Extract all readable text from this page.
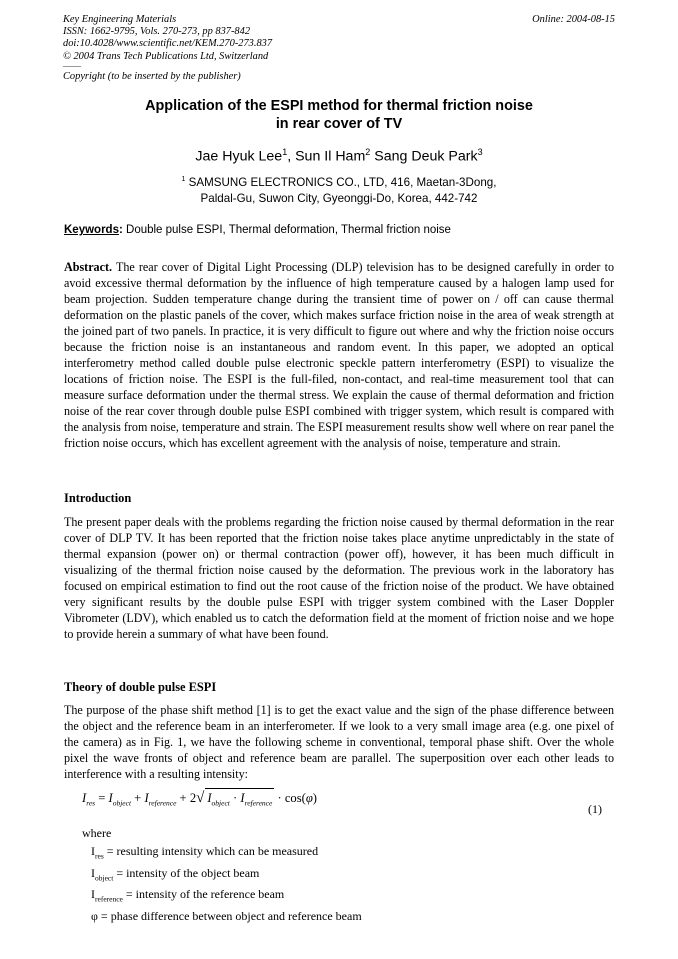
Key Engineering Materials
ISSN: 1662-9795, Vols. 270-273, pp 837-842
doi:10.4028/www.scientific.net/KEM.270-273.837
© 2004 Trans Tech Publications Ltd, Switzerland
Online: 2004-08-15
Copyright (to be inserted by the publisher)
Application of the ESPI method for thermal friction noise
in rear cover of TV
Jae Hyuk Lee$^1$, Sun Il Ham$^2$ Sang Deuk Park$^3$
$^1$ SAMSUNG ELECTRONICS CO., LTD, 416, Maetan-3Dong,
Paldal-Gu, Suwon City, Gyeonggi-Do, Korea, 442-742
Keywords: Double pulse ESPI, Thermal deformation, Thermal friction noise
Abstract. The rear cover of Digital Light Processing (DLP) television has to be designed carefully in order to avoid excessive thermal deformation by the influence of high temperature caused by a halogen lamp used for beam projection. Sudden temperature change during the transient time of power on / off can cause thermal deformation on the plastic panels of the cover, which makes surface friction noise in the area of weak strength at the joined part of two panels. In practice, it is very difficult to figure out where and why the friction noise occurs because the friction noise is an instantaneous and random event. In this paper, we adopted an optical interferometry method called double pulse electronic speckle pattern interferometry (ESPI) to visualize the locations of friction noise. The ESPI is the full-filed, non-contact, and real-time measurement tool that can measure surface deformation under the thermal stress. We explain the cause of thermal deformation and friction noise of the rear cover through double pulse ESPI combined with trigger system, which result is compared with the analysis from noise, temperature and strain. The ESPI measurement results show well where on rear panel the friction noise occurs, which has excellent agreement with the analysis of noise, temperature and strain.
Introduction
The present paper deals with the problems regarding the friction noise caused by thermal deformation in the rear cover of DLP TV. It has been reported that the friction noise takes place anytime unpredictably in the state of thermal expansion (power on) or thermal contraction (power off), however, it has been much difficult in visualizing of the thermal friction noise caused by the deformation. The previous work in the laboratory has focused on empirical estimation to find out the root cause of the friction noise of the product. We have obtained very significant results by the double pulse ESPI with trigger system combined with the Laser Doppler Vibrometer (LDV), which enabled us to catch the deformation field at the moment of friction noise and we hope to provide herein a summary of what have been found.
Theory of double pulse ESPI
The purpose of the phase shift method [1] is to get the exact value and the sign of the phase difference between the object and the reference beam in an interferometer. If we look to a very small image area (e.g. one pixel of the camera) as in Fig. 1, we have the following scheme in conventional, temporal phase shift. Over the whole pixel the wave fronts of object and reference beam are parallel. The superposition over each other leads to interference with a resulting intensity:
$I_{res} = I_{object} + I_{reference} + 2√$ $I_{object} \cdot I_{reference} \cdot \cos(\varphi)$
(1)
where
$I_{res}$ = resulting intensity which can be measured
$I_{object}$ = intensity of the object beam
$I_{reference}$ = intensity of the reference beam
φ = phase difference between object and reference beam
